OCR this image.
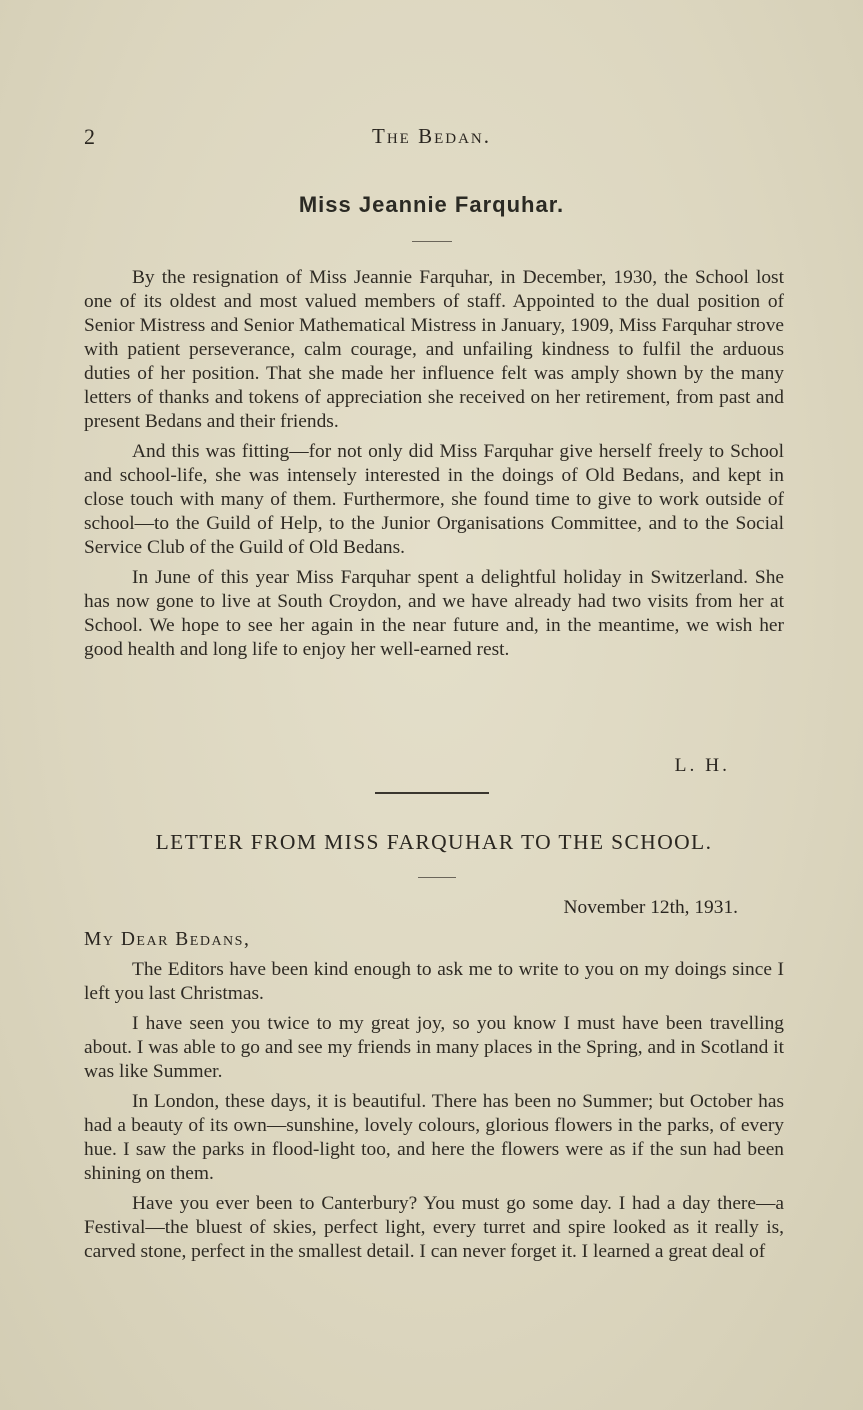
2	The Bedan.
Miss Jeannie Farquhar.

By the resignation of Miss Jeannie Farquhar, in December, 1930, the School lost one of its oldest and most valued members of staff. Appointed to the dual position of Senior Mistress and Senior Mathematical Mistress in January, 1909, Miss Farquhar strove with patient perseverance, calm courage, and unfailing kindness to fulfil the arduous duties of her position. That she made her influence felt was amply shown by the many letters of thanks and tokens of appreciation she received on her retirement, from past and present Bedans and their friends.

And this was fitting—for not only did Miss Farquhar give herself freely to School and school-life, she was intensely interested in the doings of Old Bedans, and kept in close touch with many of them. Furthermore, she found time to give to work outside of school—to the Guild of Help, to the Junior Organisations Committee, and to the Social Service Club of the Guild of Old Bedans.

In June of this year Miss Farquhar spent a delightful holiday in Switzerland. She has now gone to live at South Croydon, and we have already had two visits from her at School. We hope to see her again in the near future and, in the meantime, we wish her good health and long life to enjoy her well-earned rest.

L. H.
LETTER FROM MISS FARQUHAR TO THE SCHOOL.
November 12th, 1931.
My Dear Bedans,

The Editors have been kind enough to ask me to write to you on my doings since I left you last Christmas.

I have seen you twice to my great joy, so you know I must have been travelling about. I was able to go and see my friends in many places in the Spring, and in Scotland it was like Summer.

In London, these days, it is beautiful. There has been no Summer; but October has had a beauty of its own—sunshine, lovely colours, glorious flowers in the parks, of every hue. I saw the parks in flood-light too, and here the flowers were as if the sun had been shining on them.

Have you ever been to Canterbury? You must go some day. I had a day there—a Festival—the bluest of skies, perfect light, every turret and spire looked as it really is, carved stone, perfect in the smallest detail. I can never forget it. I learned a great deal of
